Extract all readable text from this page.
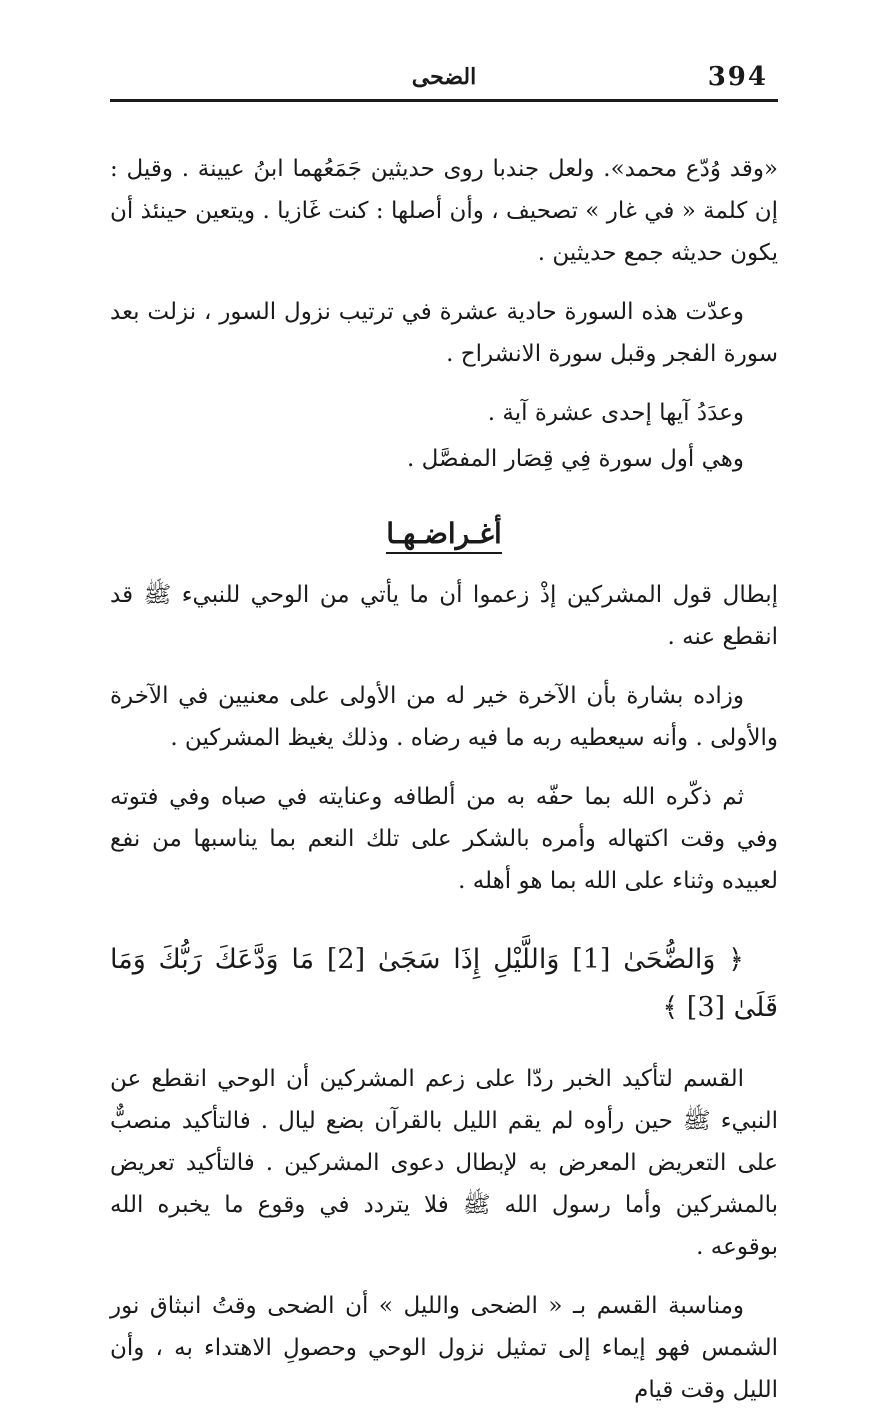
394
الضحى

«وقد وُدّع محمد». ولعل جندبا روى حديثين جَمَعُهما ابنُ عيينة . وقيل : إن كلمة « في غار » تصحيف ، وأن أصلها : كنت غَازيا . ويتعين حينئذ أن يكون حديثه جمع حديثين .

وعدّت هذه السورة حادية عشرة في ترتيب نزول السور ، نزلت بعد سورة الفجر وقبل سورة الانشراح .

وعدَدُ آيها إحدى عشرة آية .

وهي أول سورة فِي قِصَار المفصَّل .

أغـراضـهـا

إبطال قول المشركين إذْ زعموا أن ما يأتي من الوحي للنبيء ﷺ قد انقطع عنه .

وزاده بشارة بأن الآخرة خير له من الأولى على معنيين في الآخرة والأولى . وأنه سيعطيه ربه ما فيه رضاه . وذلك يغيظ المشركين .

ثم ذكّره الله بما حفّه به من ألطافه وعنايته في صباه وفي فتوته وفي وقت اكتهاله وأمره بالشكر على تلك النعم بما يناسبها من نفع لعبيده وثناء على الله بما هو أهله .

﴿ وَالضُّحَىٰ [1] وَاللَّيْلِ إِذَا سَجَىٰ [2] مَا وَدَّعَكَ رَبُّكَ وَمَا قَلَىٰ [3] ﴾

القسم لتأكيد الخبر ردّا على زعم المشركين أن الوحي انقطع عن النبيء ﷺ حين رأوه لم يقم الليل بالقرآن بضع ليال . فالتأكيد منصبٌّ على التعريض المعرض به لإبطال دعوى المشركين . فالتأكيد تعريض بالمشركين وأما رسول الله ﷺ فلا يتردد في وقوع ما يخبره الله بوقوعه .

ومناسبة القسم بـ « الضحى والليل » أن الضحى وقتُ انبثاق نور الشمس فهو إيماء إلى تمثيل نزول الوحي وحصولِ الاهتداء به ، وأن الليل وقت قيام
